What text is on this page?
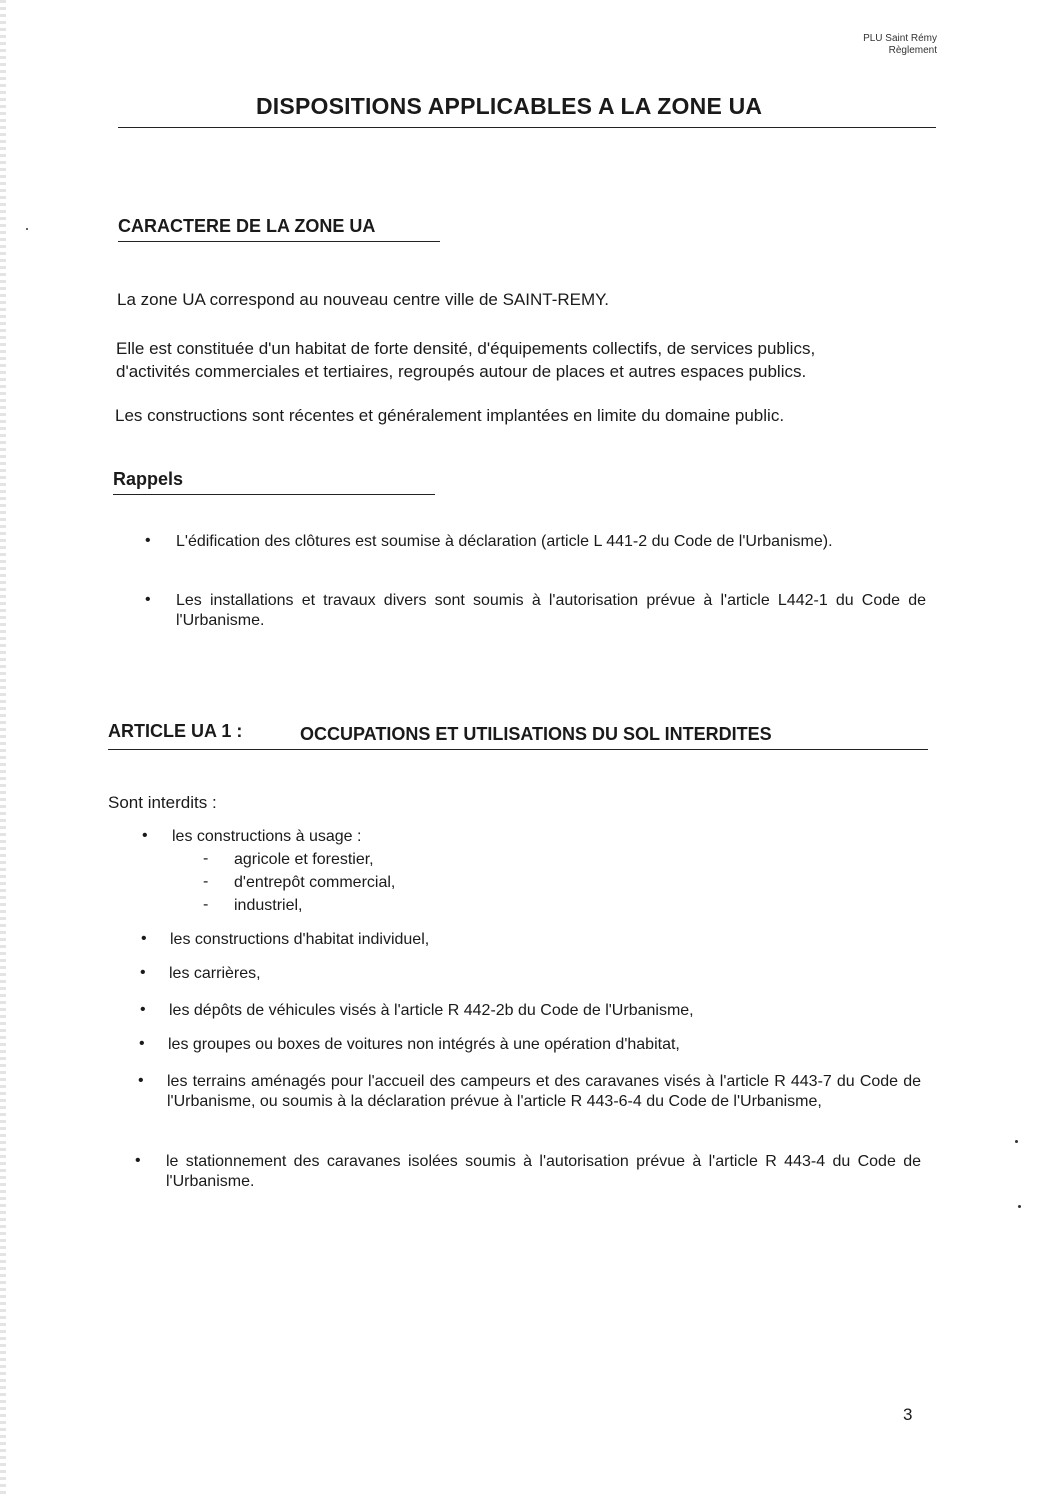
PLU Saint Rémy
Règlement
DISPOSITIONS APPLICABLES A LA ZONE UA
CARACTERE DE LA ZONE UA
La zone UA correspond au nouveau centre ville de SAINT-REMY.
Elle est constituée d'un habitat de forte densité, d'équipements collectifs, de services publics,
d'activités commerciales et tertiaires, regroupés autour de places et autres espaces publics.
Les constructions sont récentes et généralement implantées en limite du domaine public.
Rappels
• L'édification des clôtures est soumise à déclaration (article L 441-2 du Code de l'Urbanisme).
• Les installations et travaux divers sont soumis à l'autorisation prévue à l'article L442-1 du Code de l'Urbanisme.
ARTICLE UA 1 :	OCCUPATIONS ET UTILISATIONS DU SOL INTERDITES
Sont interdits :
• les constructions à usage :
- agricole et forestier,
- d'entrepôt commercial,
- industriel,
• les constructions d'habitat individuel,
• les carrières,
• les dépôts de véhicules visés à l'article R 442-2b du Code de l'Urbanisme,
• les groupes ou boxes de voitures non intégrés à une opération d'habitat,
• les terrains aménagés pour l'accueil des campeurs et des caravanes visés à l'article R 443-7 du Code de l'Urbanisme, ou soumis à la déclaration prévue à l'article R 443-6-4 du Code de l'Urbanisme,
• le stationnement des caravanes isolées soumis à l'autorisation prévue à l'article R 443-4 du Code de l'Urbanisme.
3
